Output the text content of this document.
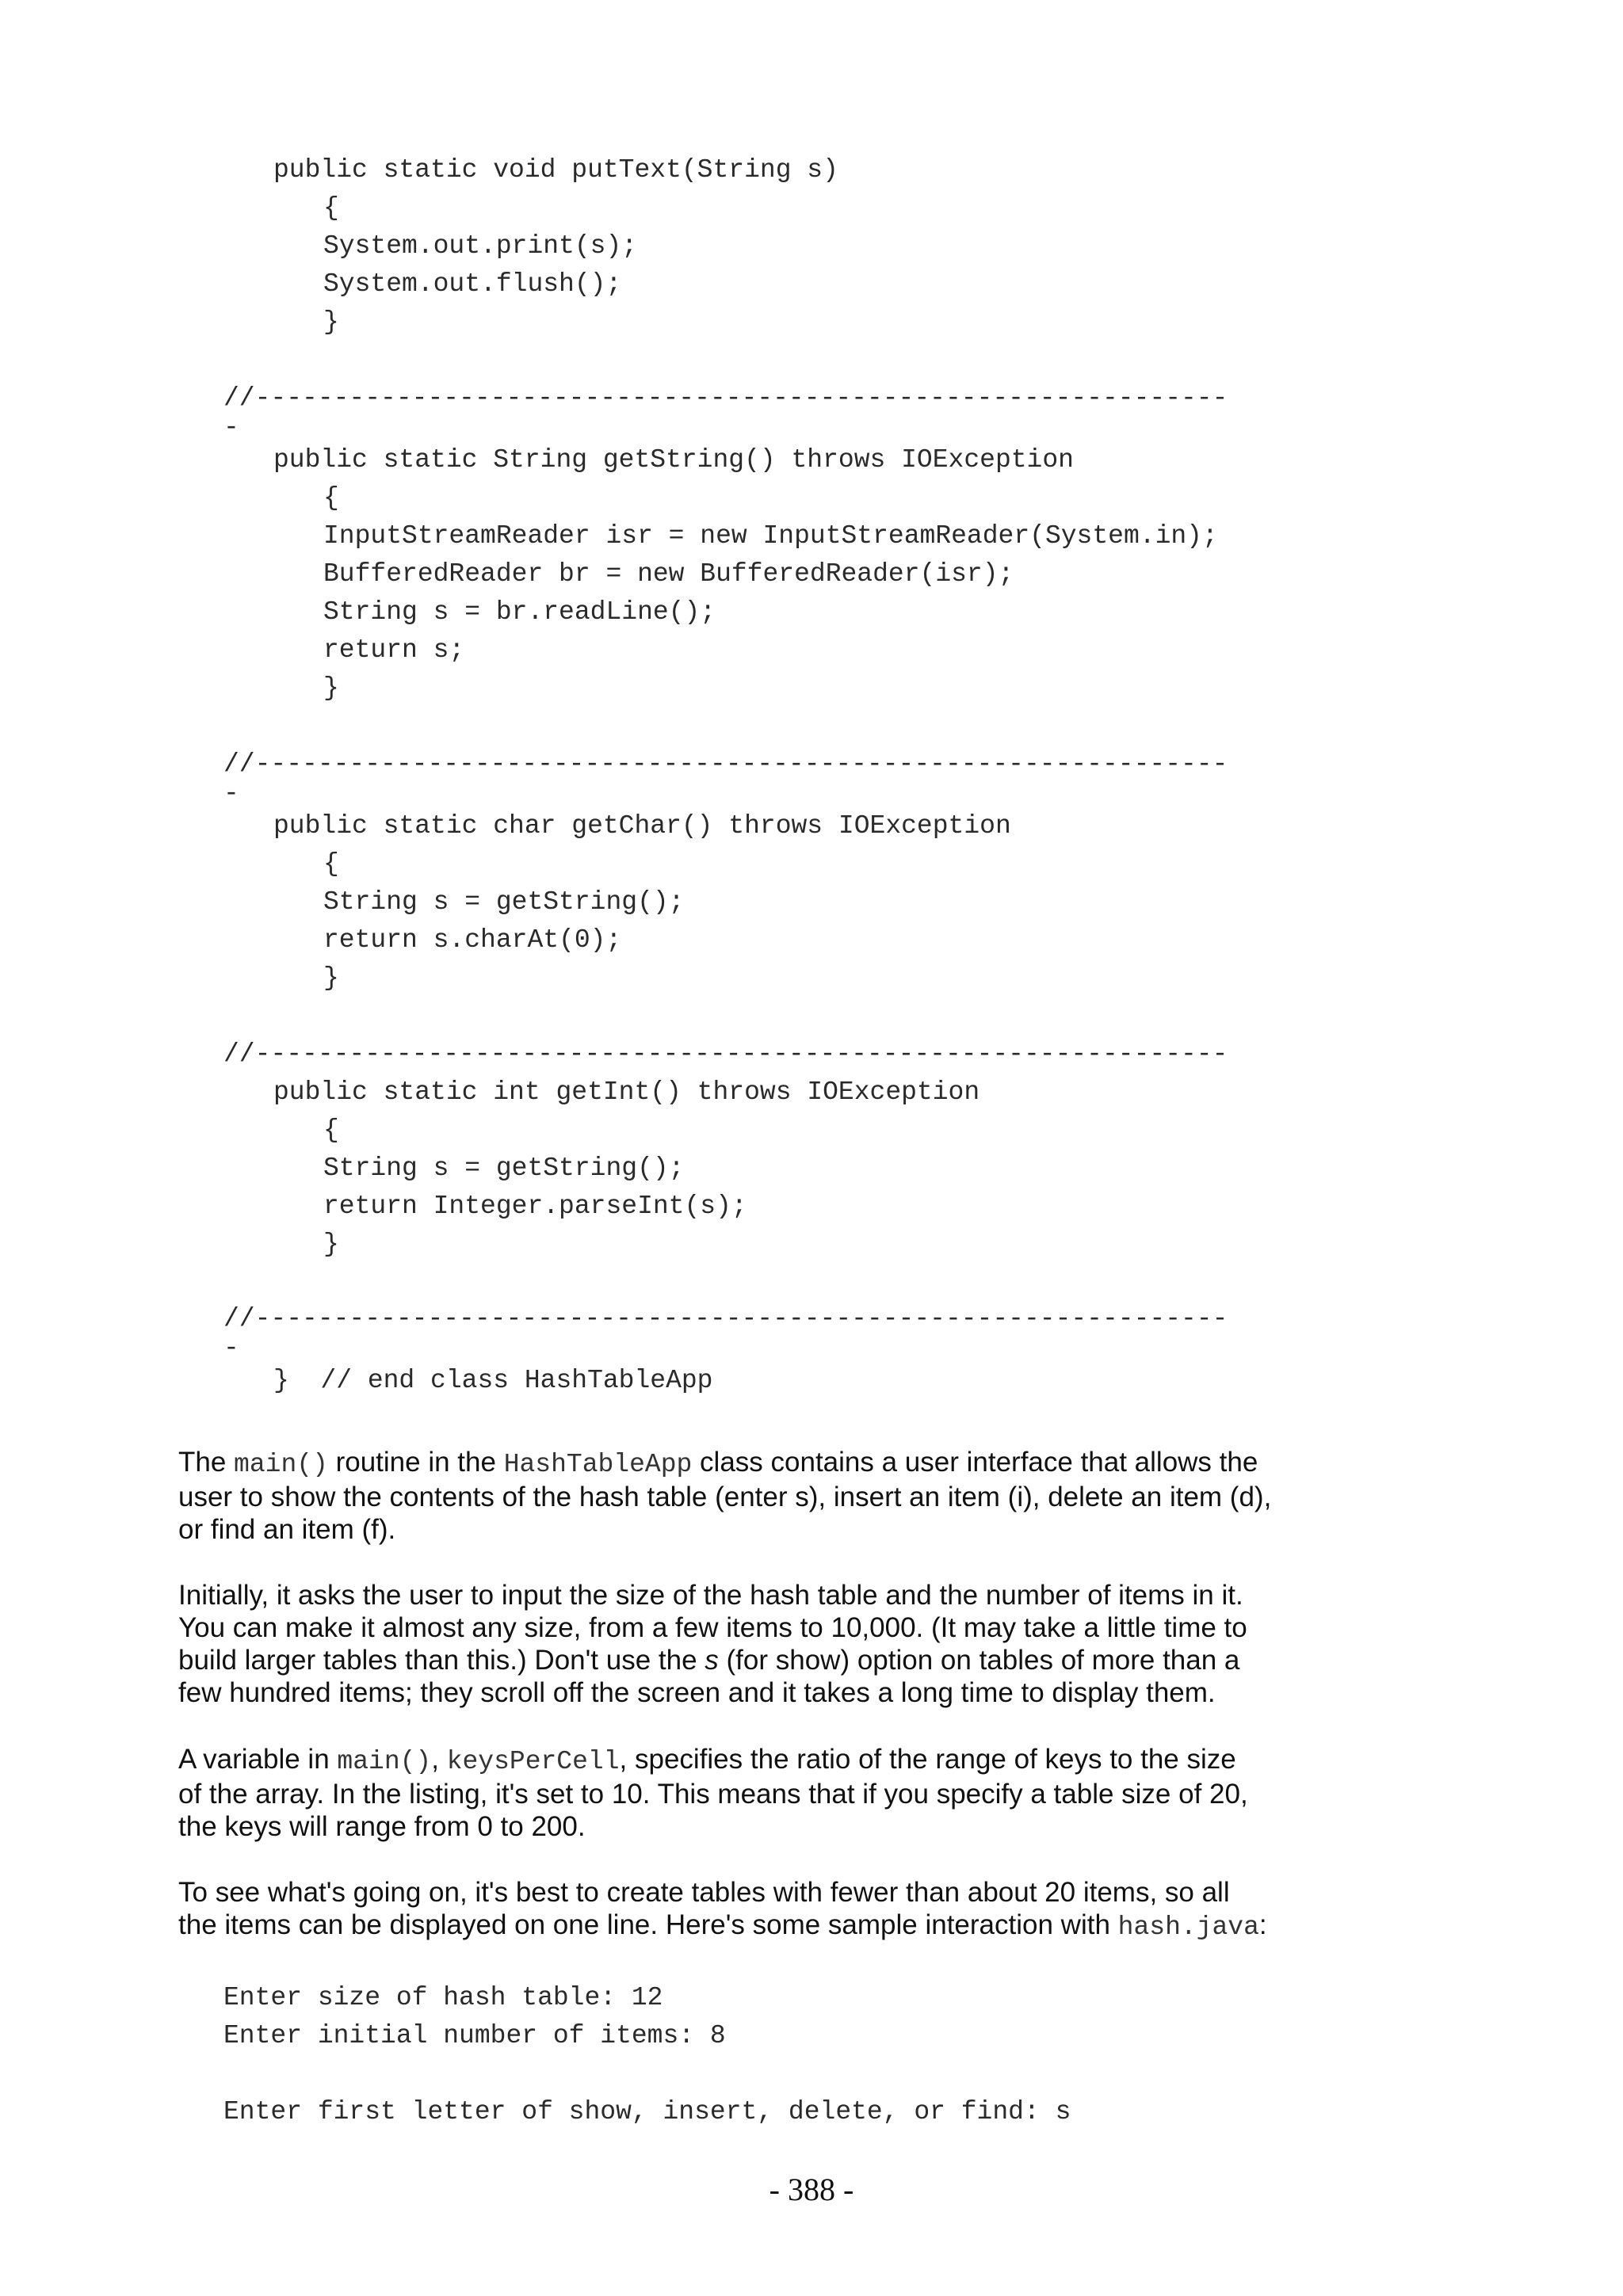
public static void putText(String s)
{
System.out.print(s);
System.out.flush();
}
//--------------------------------------------------------------
-
public static String getString() throws IOException
{
InputStreamReader isr = new InputStreamReader(System.in);
BufferedReader br = new BufferedReader(isr);
String s = br.readLine();
return s;
}
//--------------------------------------------------------------
-
public static char getChar() throws IOException
{
String s = getString();
return s.charAt(0);
}
//--------------------------------------------------------------
public static int getInt() throws IOException
{
String s = getString();
return Integer.parseInt(s);
}
//--------------------------------------------------------------
-
}  // end class HashTableApp
The main() routine in the HashTableApp class contains a user interface that allows the
user to show the contents of the hash table (enter s), insert an item (i), delete an item (d),
or find an item (f).
Initially, it asks the user to input the size of the hash table and the number of items in it.
You can make it almost any size, from a few items to 10,000. (It may take a little time to
build larger tables than this.) Don't use the s (for show) option on tables of more than a
few hundred items; they scroll off the screen and it takes a long time to display them.
A variable in main(), keysPerCell, specifies the ratio of the range of keys to the size
of the array. In the listing, it's set to 10. This means that if you specify a table size of 20,
the keys will range from 0 to 200.
To see what's going on, it's best to create tables with fewer than about 20 items, so all
the items can be displayed on one line. Here's some sample interaction with hash.java:
Enter size of hash table: 12
Enter initial number of items: 8
Enter first letter of show, insert, delete, or find: s
- 388 -
